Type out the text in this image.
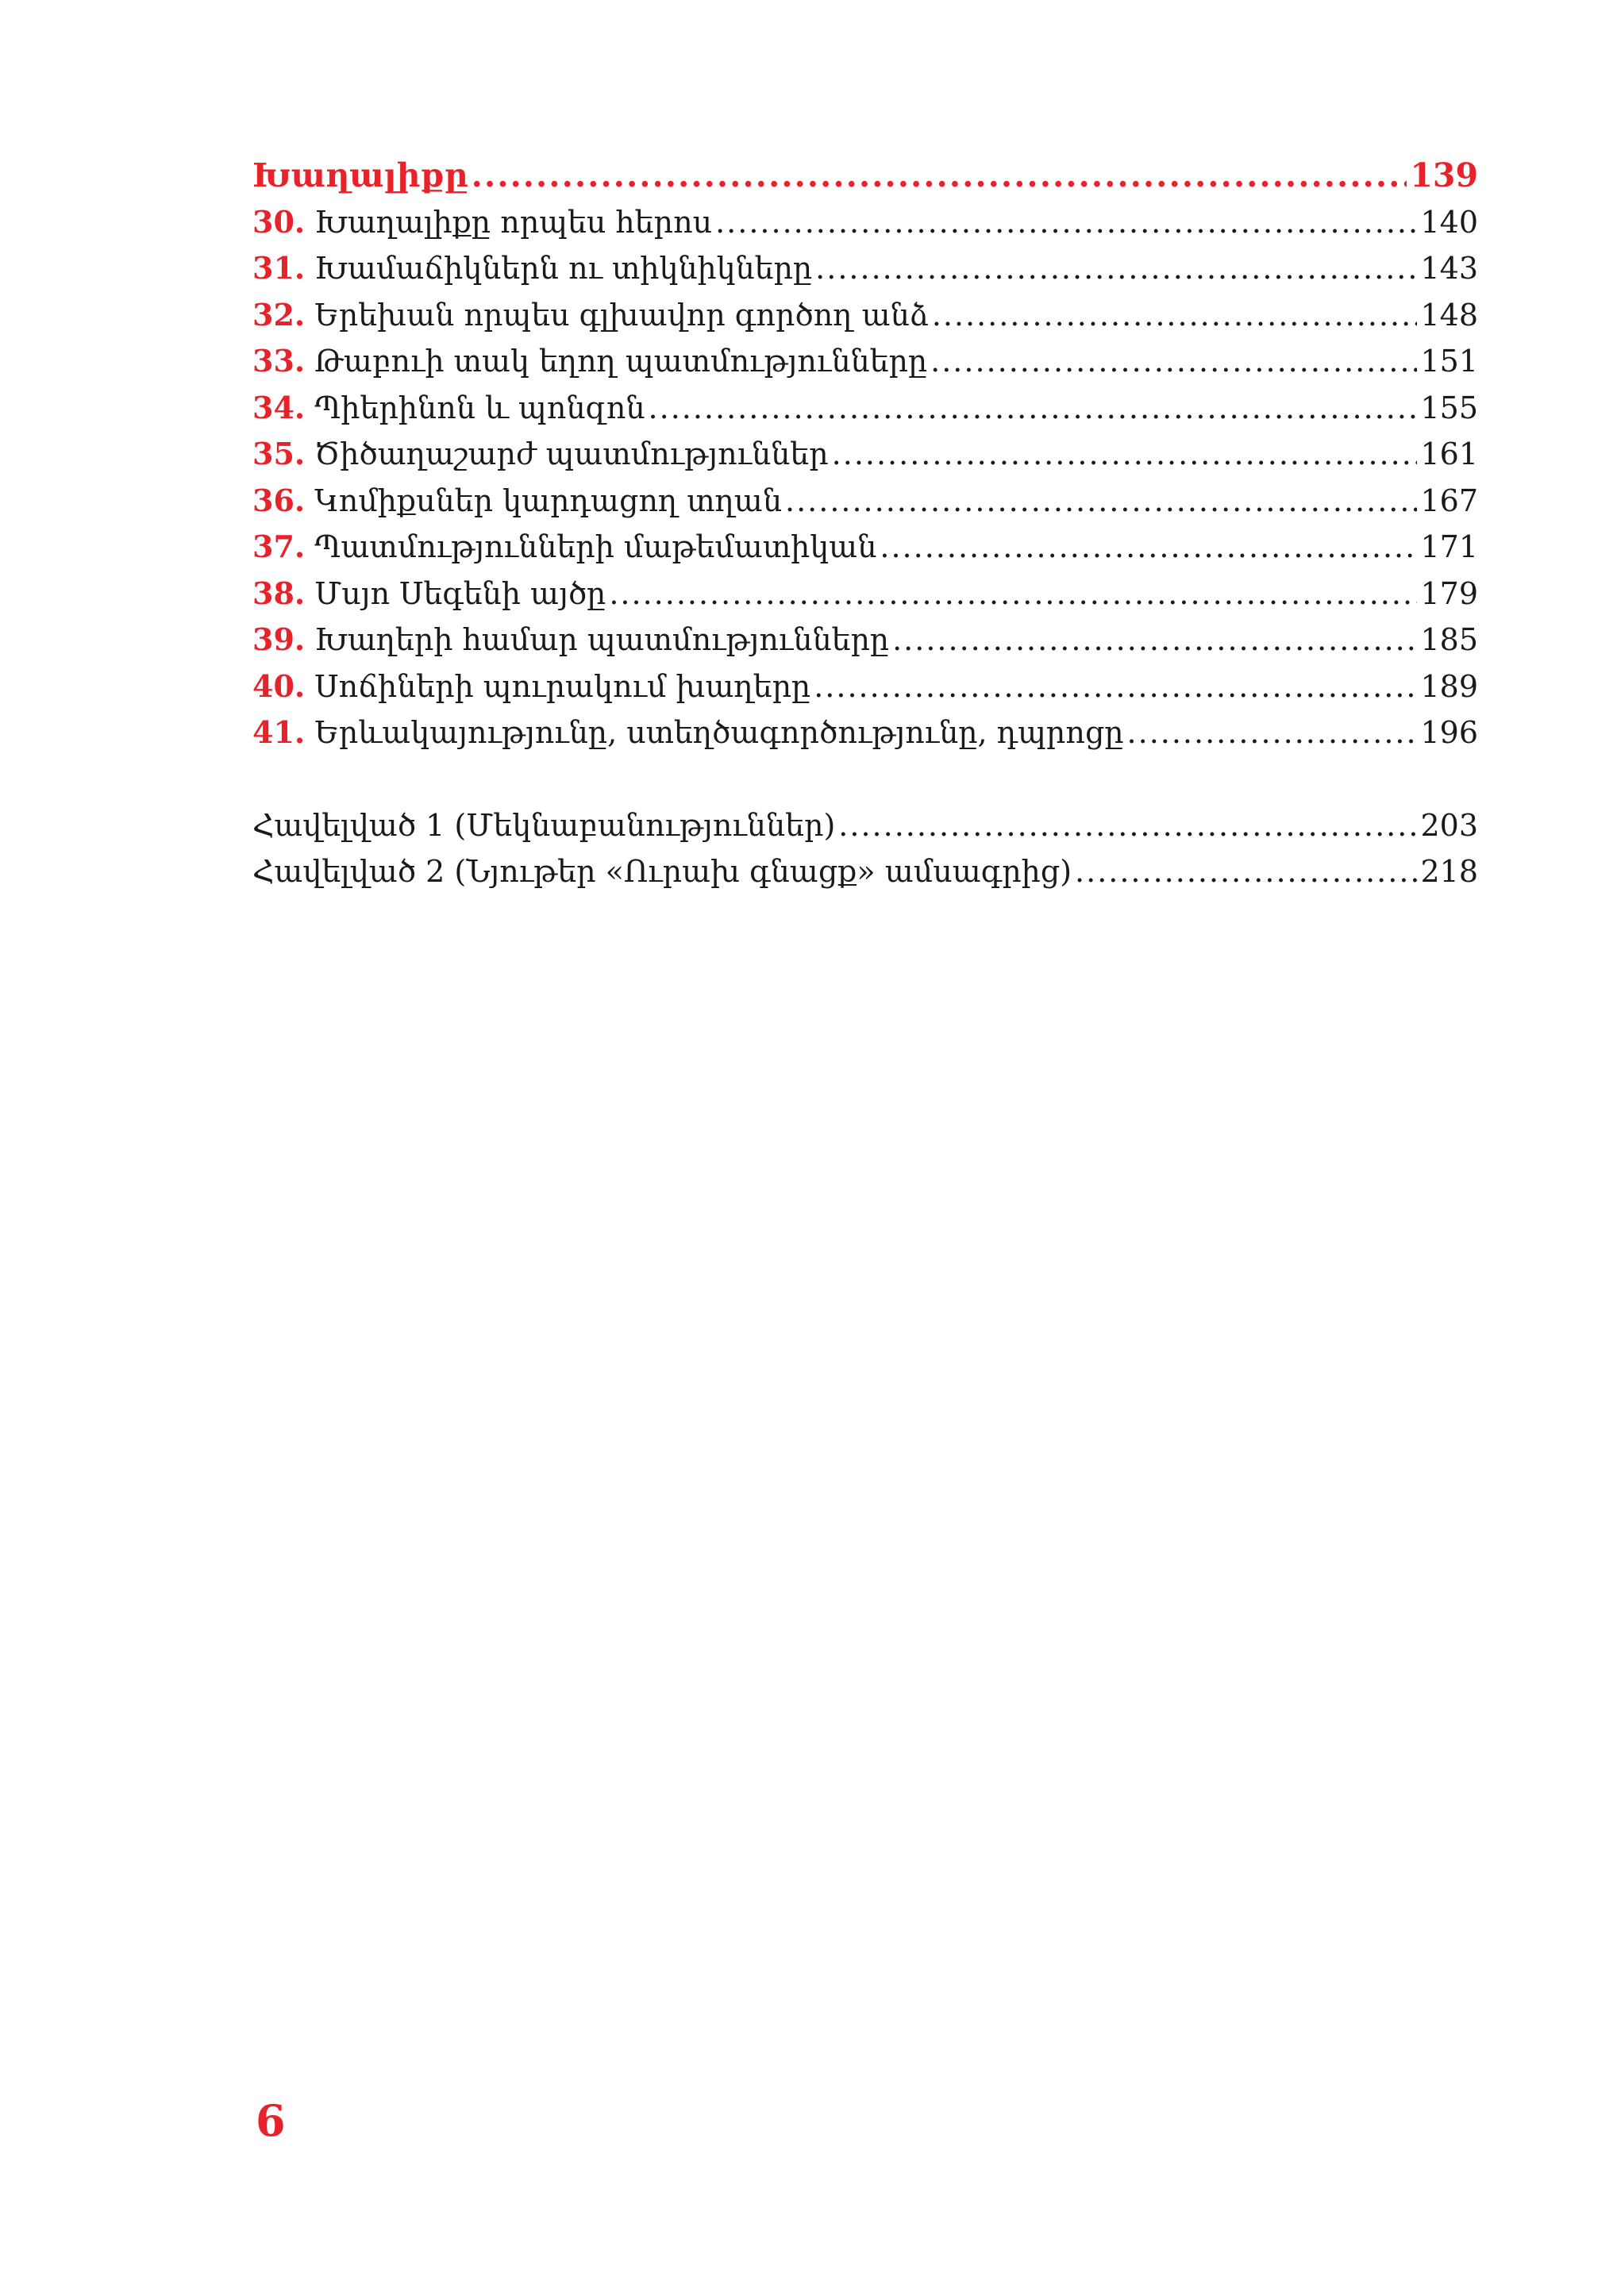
Խաղալիքը .....	139
30. Խաղալիքը որպես հերոս .....	140
31. Խամաճիկներն ու տիկնիկները .....	143
32. Երեխան որպես գլխավոր գործող անձ .....	148
33. Թաբուի տակ եղող պատմությունները .....	151
34. Պիերինոն և պոնզոն .....	155
35. Ծիծաղաշարժ պատմություններ .....	161
36. Կոմիքսներ կարդացող տղան .....	167
37. Պատմությունների մաթեմատիկան .....	171
38. Մսյո Սեգենի այծը .....	179
39. Խաղերի համար պատմությունները .....	185
40. Սոճիների պուրակում խաղերը .....	189
41. Երևակայությունը, ստեղծագործությունը, դպրոցը .....	196
Հավելված 1 (Մեկնաբանություններ) .....	203
Հավելված 2 (Նյութեր «Ուրախ գնացք» ամսագրից) .....	218
6
